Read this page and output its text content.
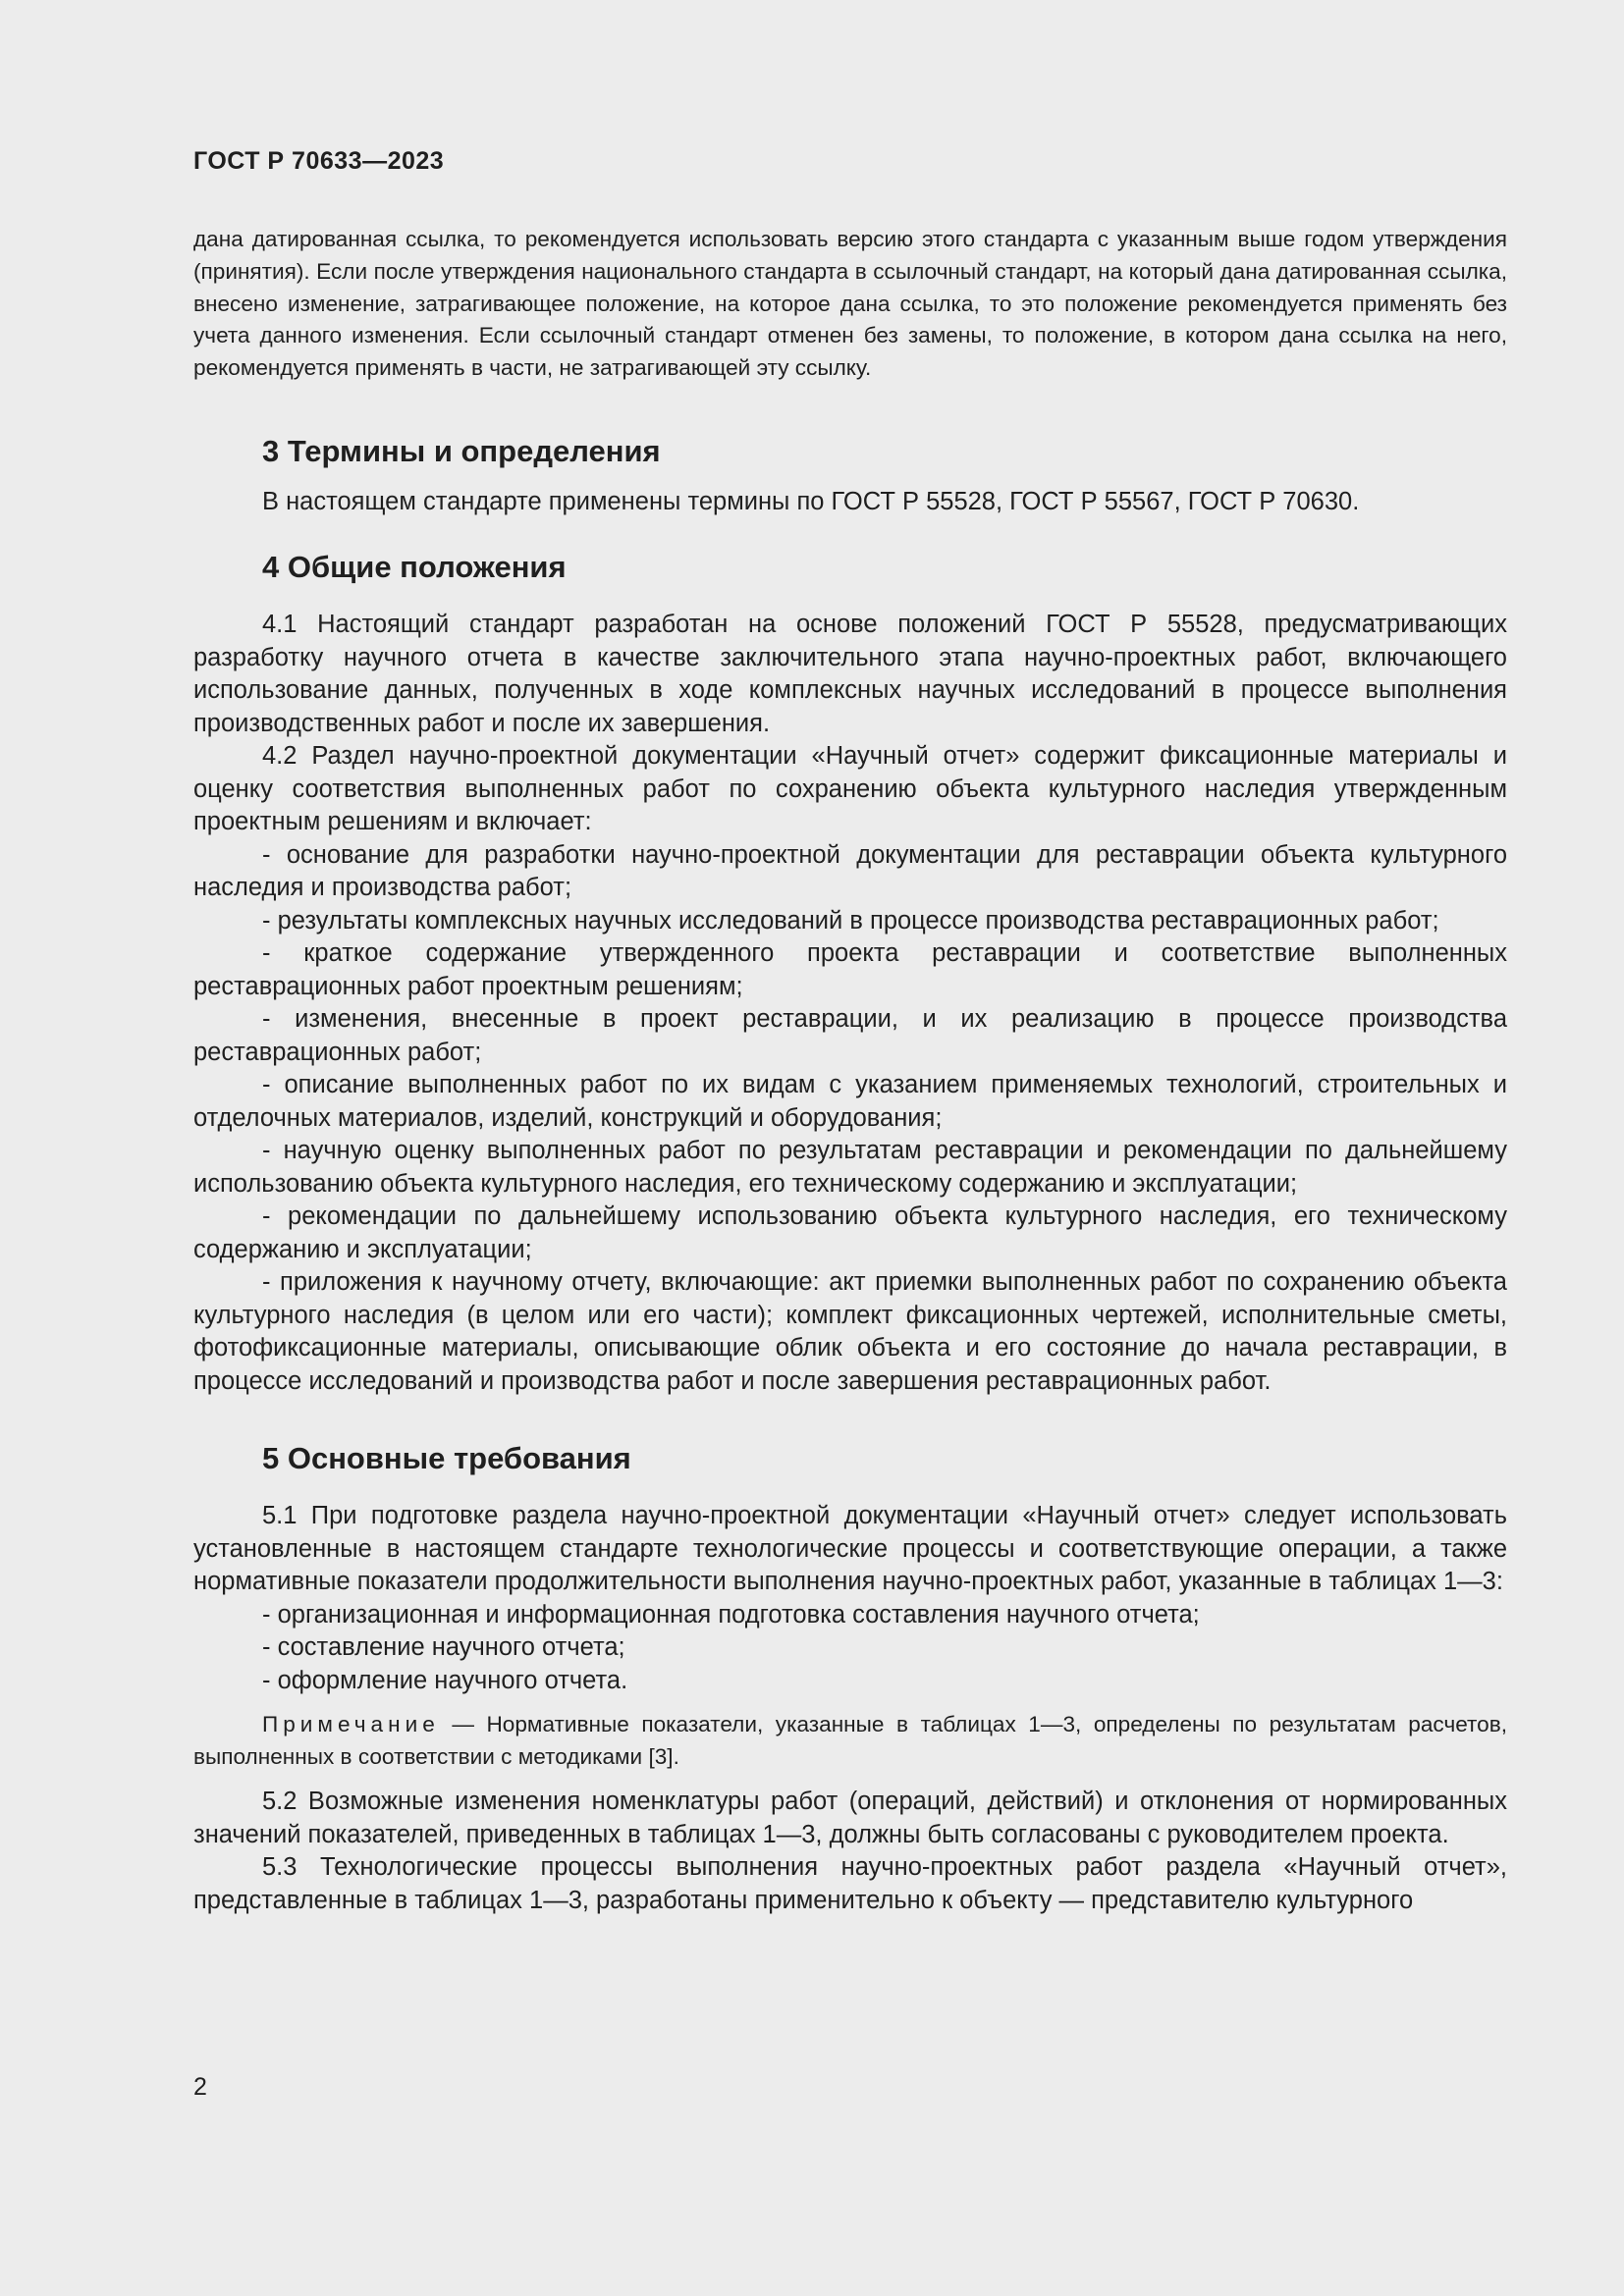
ГОСТ Р 70633—2023

дана датированная ссылка, то рекомендуется использовать версию этого стандарта с указанным выше годом утверждения (принятия). Если после утверждения национального стандарта в ссылочный стандарт, на который дана датированная ссылка, внесено изменение, затрагивающее положение, на которое дана ссылка, то это положение рекомендуется применять без учета данного изменения. Если ссылочный стандарт отменен без замены, то положение, в котором дана ссылка на него, рекомендуется применять в части, не затрагивающей эту ссылку.

3 Термины и определения

В настоящем стандарте применены термины по ГОСТ Р 55528, ГОСТ Р 55567, ГОСТ Р 70630.

4 Общие положения

4.1 Настоящий стандарт разработан на основе положений ГОСТ Р 55528, предусматривающих разработку научного отчета в качестве заключительного этапа научно-проектных работ, включающего использование данных, полученных в ходе комплексных научных исследований в процессе выполнения производственных работ и после их завершения.

4.2 Раздел научно-проектной документации «Научный отчет» содержит фиксационные материалы и оценку соответствия выполненных работ по сохранению объекта культурного наследия утвержденным проектным решениям и включает:

- основание для разработки научно-проектной документации для реставрации объекта культурного наследия и производства работ;

- результаты комплексных научных исследований в процессе производства реставрационных работ;

- краткое содержание утвержденного проекта реставрации и соответствие выполненных реставрационных работ проектным решениям;

- изменения, внесенные в проект реставрации, и их реализацию в процессе производства реставрационных работ;

- описание выполненных работ по их видам с указанием применяемых технологий, строительных и отделочных материалов, изделий, конструкций и оборудования;

- научную оценку выполненных работ по результатам реставрации и рекомендации по дальнейшему использованию объекта культурного наследия, его техническому содержанию и эксплуатации;

- рекомендации по дальнейшему использованию объекта культурного наследия, его техническому содержанию и эксплуатации;

- приложения к научному отчету, включающие: акт приемки выполненных работ по сохранению объекта культурного наследия (в целом или его части); комплект фиксационных чертежей, исполнительные сметы, фотофиксационные материалы, описывающие облик объекта и его состояние до начала реставрации, в процессе исследований и производства работ и после завершения реставрационных работ.

5 Основные требования

5.1 При подготовке раздела научно-проектной документации «Научный отчет» следует использовать установленные в настоящем стандарте технологические процессы и соответствующие операции, а также нормативные показатели продолжительности выполнения научно-проектных работ, указанные в таблицах 1—3:

- организационная и информационная подготовка составления научного отчета;

- составление научного отчета;

- оформление научного отчета.

Примечание — Нормативные показатели, указанные в таблицах 1—3, определены по результатам расчетов, выполненных в соответствии с методиками [3].

5.2 Возможные изменения номенклатуры работ (операций, действий) и отклонения от нормированных значений показателей, приведенных в таблицах 1—3, должны быть согласованы с руководителем проекта.

5.3 Технологические процессы выполнения научно-проектных работ раздела «Научный отчет», представленные в таблицах 1—3, разработаны применительно к объекту — представителю культурного

2
